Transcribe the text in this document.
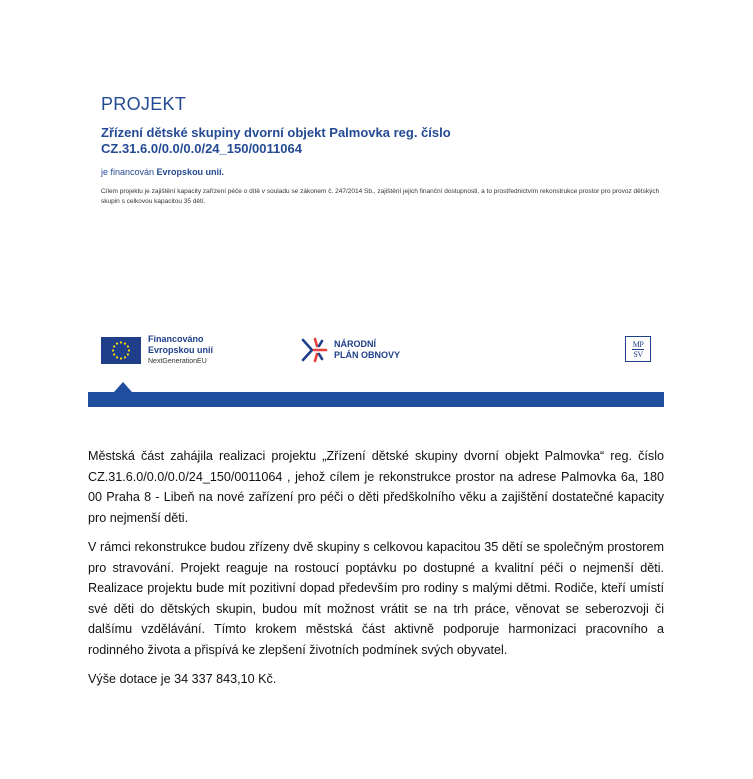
PROJEKT
Zřízení dětské skupiny dvorní objekt Palmovka reg. číslo
CZ.31.6.0/0.0/0.0/24_150/0011064
je financován Evropskou unií.
Cílem projektu je zajištění kapacity zařízení péče o dítě v souladu se zákonem č. 247/2014 Sb., zajištění jejich finanční dostupnosti, a to prostřednictvím rekonstrukce prostor pro provoz dětských skupin s celkovou kapacitou 35 dětí.
Financováno
Evropskou unií
NextGenerationEU
NÁRODNÍ
PLÁN OBNOVY
MP
SV

Městská část zahájila realizaci projektu „Zřízení dětské skupiny dvorní objekt Palmovka“ reg. číslo CZ.31.6.0/0.0/0.0/24_150/0011064 , jehož cílem je rekonstrukce prostor na adrese Palmovka 6a, 180 00 Praha 8 - Libeň na nové zařízení pro péči o děti předškolního věku a zajištění dostatečné kapacity pro nejmenší děti.

V rámci rekonstrukce budou zřízeny dvě skupiny s celkovou kapacitou 35 dětí se společným prostorem pro stravování. Projekt reaguje na rostoucí poptávku po dostupné a kvalitní péči o nejmenší děti. Realizace projektu bude mít pozitivní dopad především pro rodiny s malými dětmi. Rodiče, kteří umístí své děti do dětských skupin, budou mít možnost vrátit se na trh práce, věnovat se seberozvoji či dalšímu vzdělávání. Tímto krokem městská část aktivně podporuje harmonizaci pracovního a rodinného života a přispívá ke zlepšení životních podmínek svých obyvatel.

Výše dotace je 34 337 843,10 Kč.
